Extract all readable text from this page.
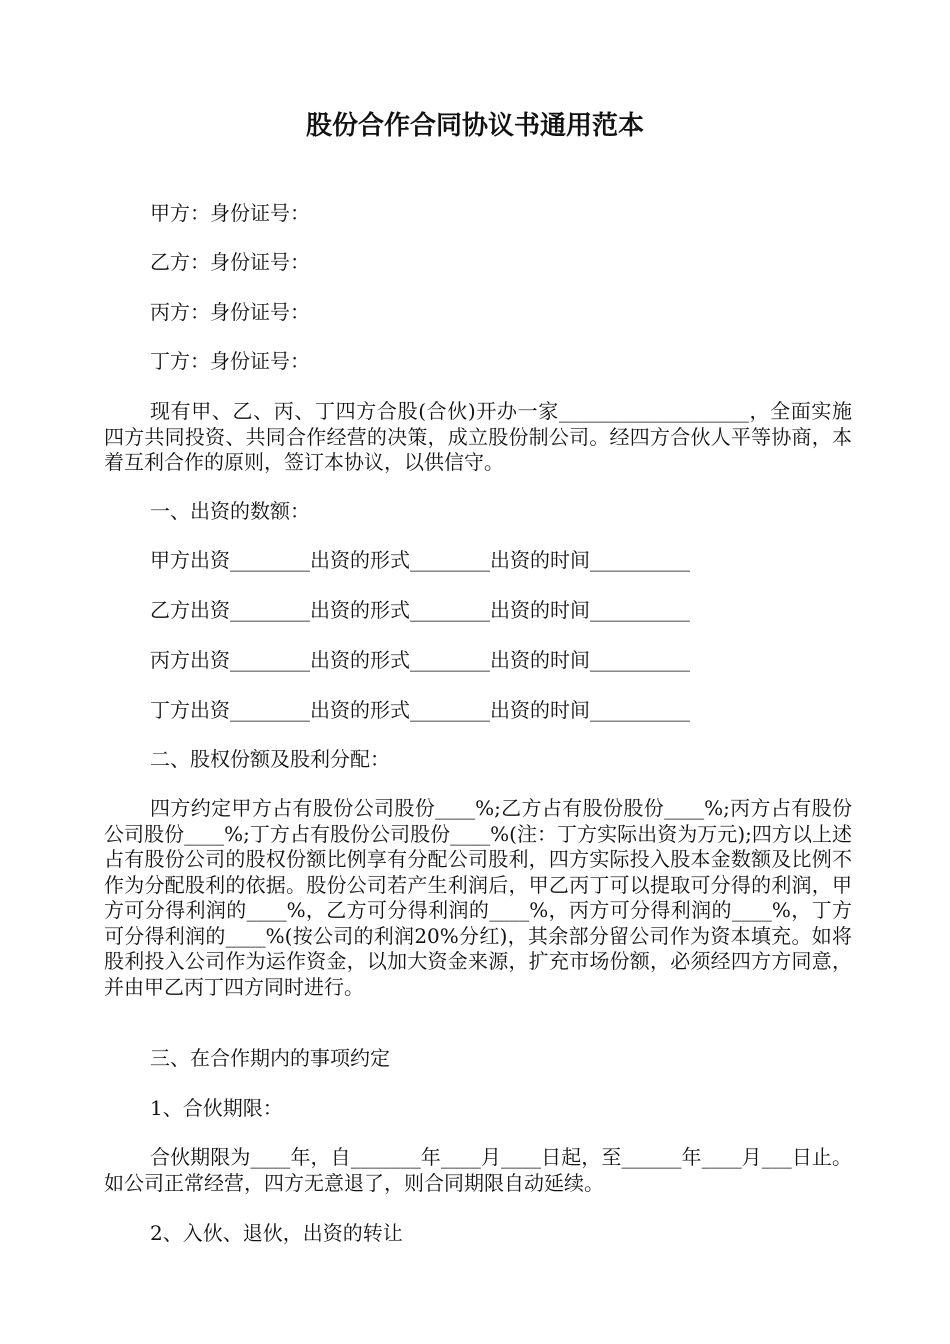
股份合作合同协议书通用范本
甲方：身份证号：
乙方：身份证号：
丙方：身份证号：
丁方：身份证号：
现有甲、乙、丙、丁四方合股(合伙)开办一家___________________，全面实施四方共同投资、共同合作经营的决策，成立股份制公司。经四方合伙人平等协商，本着互利合作的原则，签订本协议，以供信守。
一、出资的数额：
甲方出资________出资的形式________出资的时间__________
乙方出资________出资的形式________出资的时间__________
丙方出资________出资的形式________出资的时间__________
丁方出资________出资的形式________出资的时间__________
二、股权份额及股利分配：
四方约定甲方占有股份公司股份____%;乙方占有股份股份____%;丙方占有股份公司股份____%;丁方占有股份公司股份____%(注：丁方实际出资为万元);四方以上述占有股份公司的股权份额比例享有分配公司股利，四方实际投入股本金数额及比例不作为分配股利的依据。股份公司若产生利润后，甲乙丙丁可以提取可分得的利润，甲方可分得利润的____%，乙方可分得利润的____%，丙方可分得利润的____%，丁方可分得利润的____%(按公司的利润20%分红)，其余部分留公司作为资本填充。如将股利投入公司作为运作资金，以加大资金来源，扩充市场份额，必须经四方方同意，并由甲乙丙丁四方同时进行。
三、在合作期内的事项约定
1、合伙期限：
合伙期限为____年，自_______年____月____日起，至______年____月___日止。如公司正常经营，四方无意退了，则合同期限自动延续。
2、入伙、退伙，出资的转让
